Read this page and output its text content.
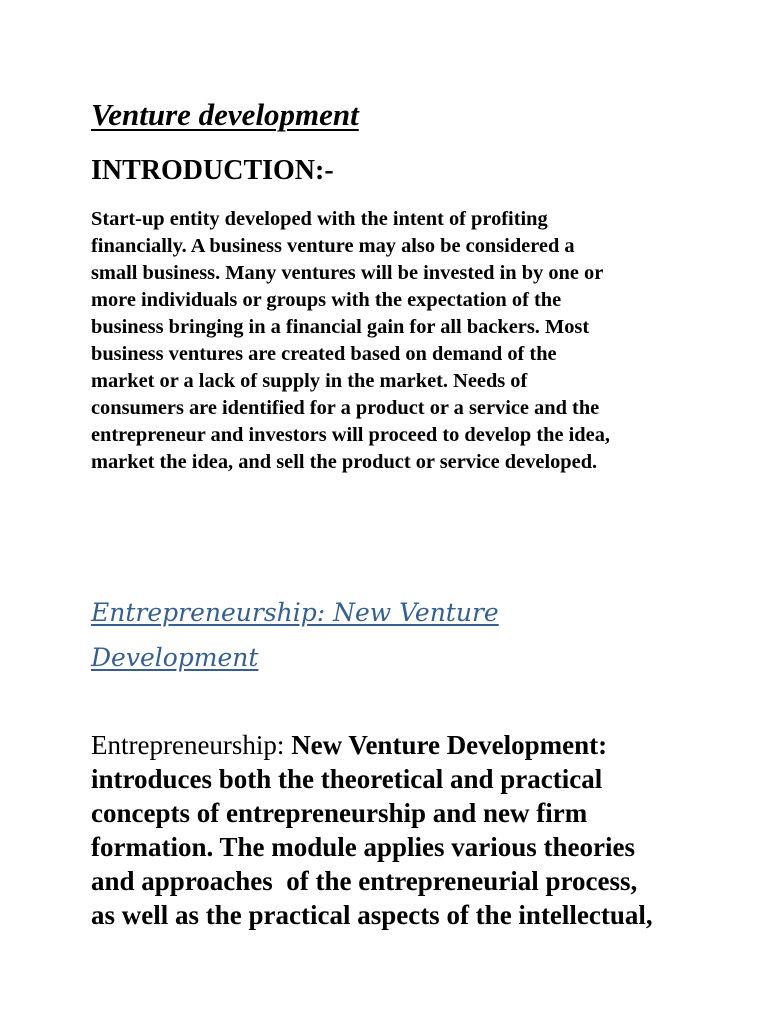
Venture development
INTRODUCTION:-

Start-up entity developed with the intent of profiting
financially. A business venture may also be considered a
small business. Many ventures will be invested in by one or
more individuals or groups with the expectation of the
business bringing in a financial gain for all backers. Most
business ventures are created based on demand of the
market or a lack of supply in the market. Needs of
consumers are identified for a product or a service and the
entrepreneur and investors will proceed to develop the idea,
market the idea, and sell the product or service developed.

Entrepreneurship: New Venture
Development

Entrepreneurship: New Venture Development:
introduces both the theoretical and practical
concepts of entrepreneurship and new firm
formation. The module applies various theories
and approaches  of the entrepreneurial process,
as well as the practical aspects of the intellectual,
